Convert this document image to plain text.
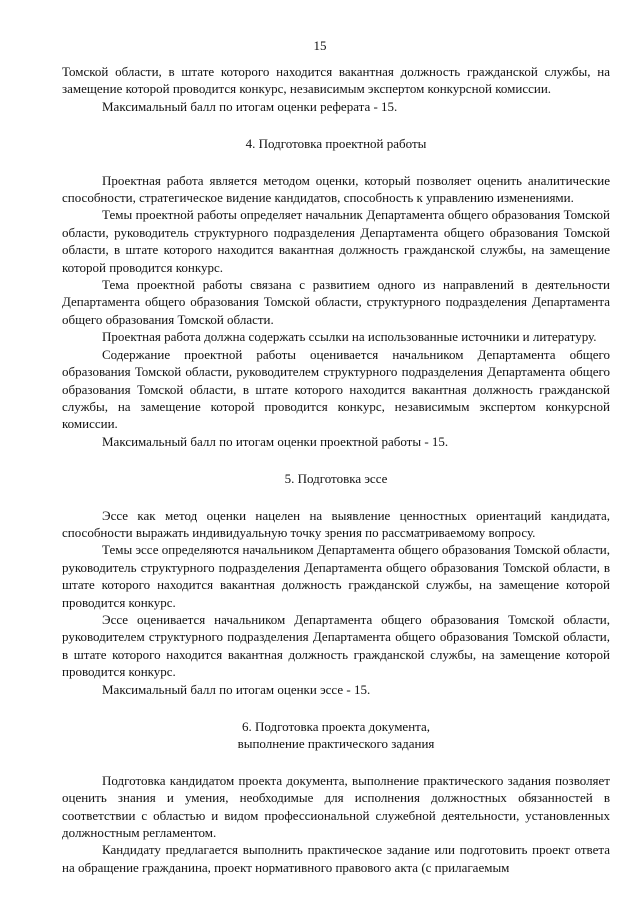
15

Томской области, в штате которого находится вакантная должность гражданской службы, на замещение которой проводится конкурс, независимым экспертом конкурсной комиссии.

Максимальный балл по итогам оценки реферата - 15.

4. Подготовка проектной работы

Проектная работа является методом оценки, который позволяет оценить аналитические способности, стратегическое видение кандидатов, способность к управлению изменениями.

Темы проектной работы определяет начальник Департамента общего образования Томской области, руководитель структурного подразделения Департамента общего образования Томской области, в штате которого находится вакантная должность гражданской службы, на замещение которой проводится конкурс.

Тема проектной работы связана с развитием одного из направлений в деятельности Департамента общего образования Томской области, структурного подразделения Департамента общего образования Томской области.

Проектная работа должна содержать ссылки на использованные источники и литературу.

Содержание проектной работы оценивается начальником Департамента общего образования Томской области, руководителем структурного подразделения Департамента общего образования Томской области, в штате которого находится вакантная должность гражданской службы, на замещение которой проводится конкурс, независимым экспертом конкурсной комиссии.

Максимальный балл по итогам оценки проектной работы - 15.

5. Подготовка эссе

Эссе как метод оценки нацелен на выявление ценностных ориентаций кандидата, способности выражать индивидуальную точку зрения по рассматриваемому вопросу.

Темы эссе определяются начальником Департамента общего образования Томской области, руководитель структурного подразделения Департамента общего образования Томской области, в штате которого находится вакантная должность гражданской службы, на замещение которой проводится конкурс.

Эссе оценивается начальником Департамента общего образования Томской области, руководителем структурного подразделения Департамента общего образования Томской области, в штате которого находится вакантная должность гражданской службы, на замещение которой проводится конкурс.

Максимальный балл по итогам оценки эссе - 15.

6. Подготовка проекта документа,

выполнение практического задания

Подготовка кандидатом проекта документа, выполнение практического задания позволяет оценить знания и умения, необходимые для исполнения должностных обязанностей в соответствии с областью и видом профессиональной служебной деятельности, установленных должностным регламентом.

Кандидату предлагается выполнить практическое задание или подготовить проект ответа на обращение гражданина, проект нормативного правового акта (с прилагаемым
